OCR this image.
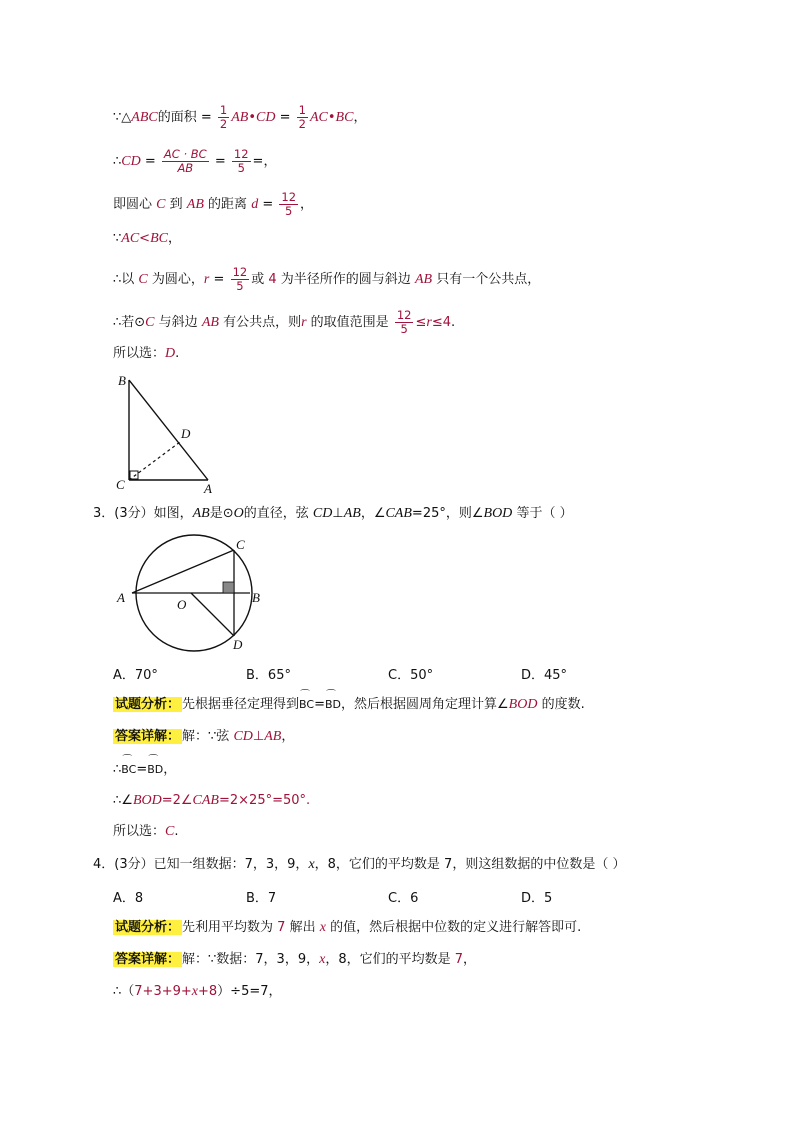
∵△ABC的面积 = $\frac{1}{2}$ AB•CD = $\frac{1}{2}$ AC•BC，
∴CD = $\frac{AC \cdot BC}{AB} = \frac{12}{5}$ =，
即圆心 C 到 AB 的距离 $d = \frac{12}{5}$ ，
∵AC<BC，
∴以 C 为圆心，$r = \frac{12}{5}$ 或 4 为半径所作的圆与斜边 AB 只有一个公共点，
∴若⊙C 与斜边 AB 有公共点，则r 的取值范围是 $\frac{12}{5} \le r\le 4$.
所以选：D.
B
D
C	A
3．(3分）如图，AB是⊙O的直径，弦 CD⊥AB，∠CAB=25°，则∠BOD 等于（ ）
C
A	O	B
D
A．70°	B．65°	C．50°	D．45°
试题分析： 先根据垂径定理得到⌒ BC=⌒ BD，然后根据圆周角定理计算∠BOD 的度数.
答案详解： 解：∵弦 CD⊥AB，
∴⌒ BC=⌒ BD，
∴∠BOD=2∠CAB=2×25°=50°.
所以选：C.
4．(3分）已知一组数据：7，3，9，x，8，它们的平均数是 7，则这组数据的中位数是（ ）
A．8	B．7	C．6	D．5
试题分析： 先利用平均数为 7 解出 x 的值，然后根据中位数的定义进行解答即可.
答案详解： 解：∵数据：7，3，9，x，8，它们的平均数是 7，
∴（7+3+9+x+8）÷5=7，
